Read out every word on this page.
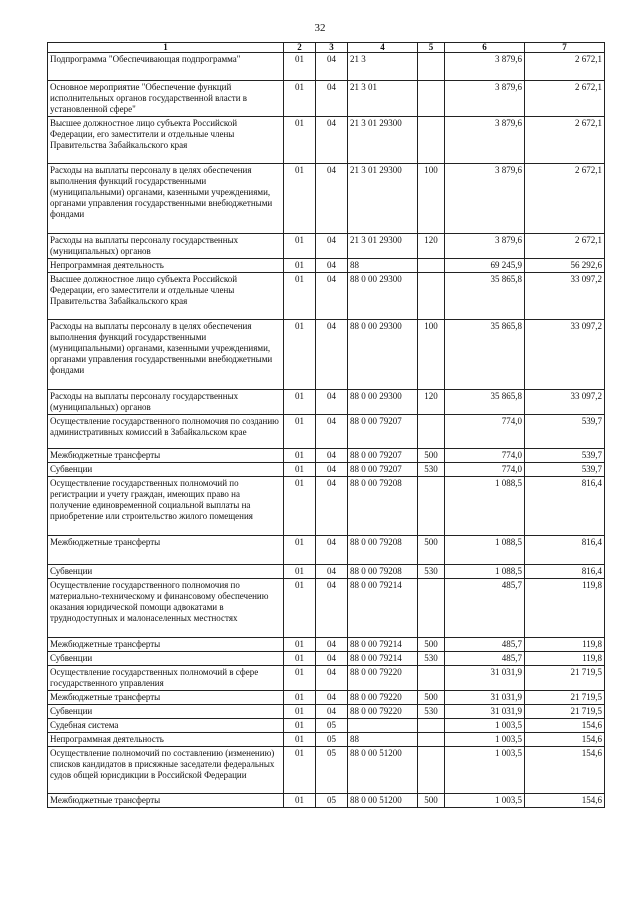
32
1	2	3	4	5	6	7
Подпрограмма "Обеспечивающая подпрограмма"	01	04	21 3		3 879,6	2 672,1
Основное мероприятие "Обеспечение функций исполнительных органов государственной власти в установленной сфере"	01	04	21 3 01		3 879,6	2 672,1
Высшее должностное лицо субъекта Российской Федерации, его заместители и отдельные члены Правительства Забайкальского края	01	04	21 3 01 29300		3 879,6	2 672,1
Расходы на выплаты персоналу в целях обеспечения выполнения функций государственными (муниципальными) органами, казенными учреждениями, органами управления государственными внебюджетными фондами	01	04	21 3 01 29300	100	3 879,6	2 672,1
Расходы на выплаты персоналу государственных (муниципальных) органов	01	04	21 3 01 29300	120	3 879,6	2 672,1
Непрограммная деятельность	01	04	88		69 245,9	56 292,6
Высшее должностное лицо субъекта Российской Федерации, его заместители и отдельные члены Правительства Забайкальского края	01	04	88 0 00 29300		35 865,8	33 097,2
Расходы на выплаты персоналу в целях обеспечения выполнения функций государственными (муниципальными) органами, казенными учреждениями, органами управления государственными внебюджетными фондами	01	04	88 0 00 29300	100	35 865,8	33 097,2
Расходы на выплаты персоналу государственных (муниципальных) органов	01	04	88 0 00 29300	120	35 865,8	33 097,2
Осуществление государственного полномочия по созданию административных комиссий в Забайкальском крае	01	04	88 0 00 79207		774,0	539,7
Межбюджетные трансферты	01	04	88 0 00 79207	500	774,0	539,7
Субвенции	01	04	88 0 00 79207	530	774,0	539,7
Осуществление государственных полномочий по регистрации и учету граждан, имеющих право на получение единовременной социальной выплаты на приобретение или строительство жилого помещения	01	04	88 0 00 79208		1 088,5	816,4
Межбюджетные трансферты	01	04	88 0 00 79208	500	1 088,5	816,4
Субвенции	01	04	88 0 00 79208	530	1 088,5	816,4
Осуществление государственного полномочия по материально-техническому и финансовому обеспечению оказания юридической помощи адвокатами в труднодоступных и малонаселенных местностях	01	04	88 0 00 79214		485,7	119,8
Межбюджетные трансферты	01	04	88 0 00 79214	500	485,7	119,8
Субвенции	01	04	88 0 00 79214	530	485,7	119,8
Осуществление государственных полномочий в сфере государственного управления	01	04	88 0 00 79220		31 031,9	21 719,5
Межбюджетные трансферты	01	04	88 0 00 79220	500	31 031,9	21 719,5
Субвенции	01	04	88 0 00 79220	530	31 031,9	21 719,5
Судебная система	01	05			1 003,5	154,6
Непрограммная деятельность	01	05	88		1 003,5	154,6
Осуществление полномочий по составлению (изменению) списков кандидатов в присяжные заседатели федеральных судов общей юрисдикции в Российской Федерации	01	05	88 0 00 51200		1 003,5	154,6
Межбюджетные трансферты	01	05	88 0 00 51200	500	1 003,5	154,6
